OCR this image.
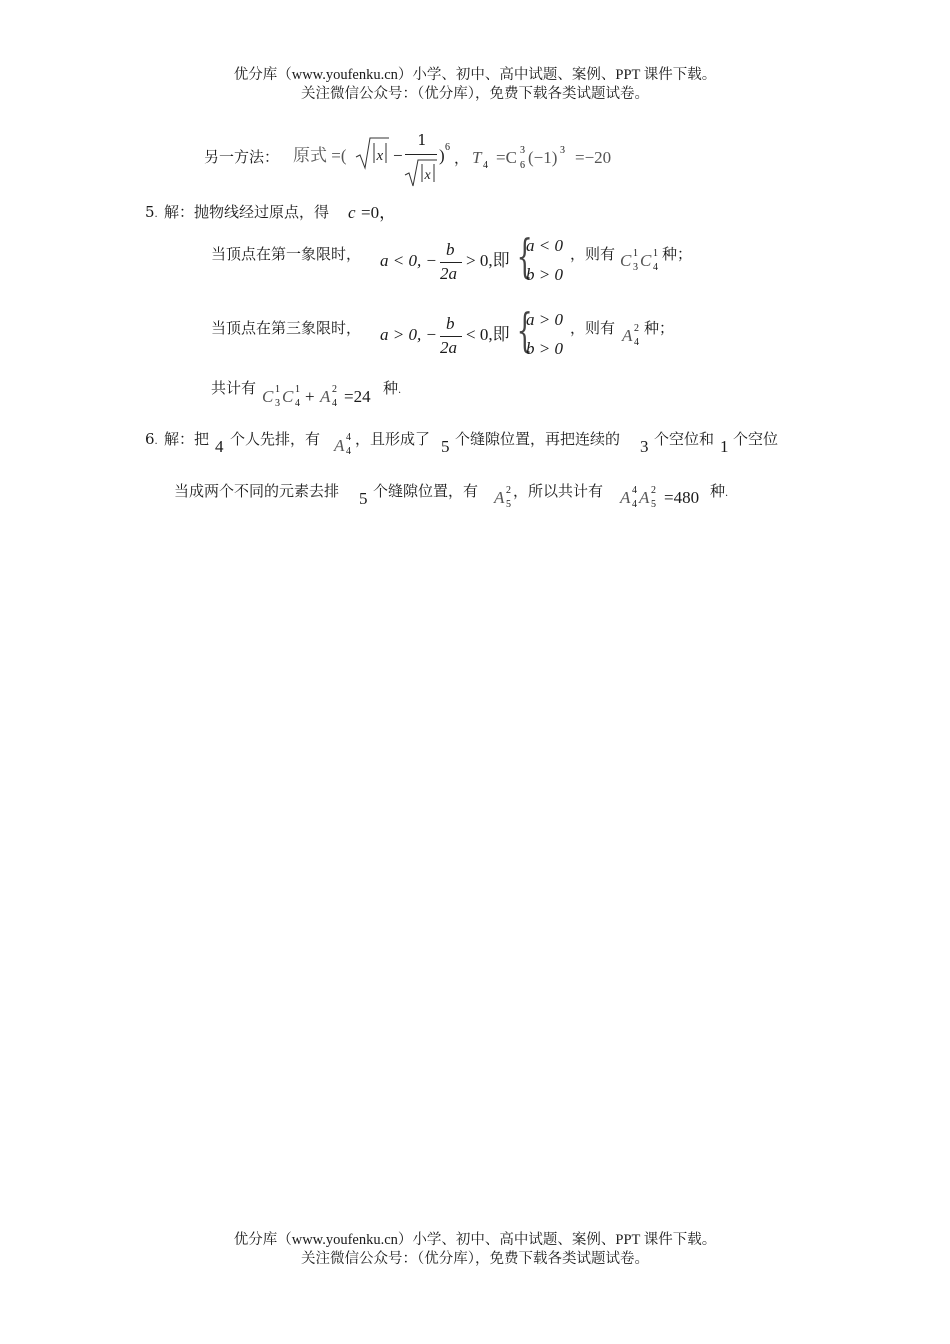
优分库（www.youfenku.cn）小学、初中、高中试题、案例、PPT 课件下载。
关注微信公众号：（优分库），免费下载各类试题试卷。
另一方法： 原式 =( x −
1
x
) 6
， T 4 =C 3
6 (−1) 3 =−20
5. 解：抛物线经过原点，得 c =0，
当顶点在第一象限时， a < 0, −
b
2a
> 0,即 {
a < 0
b > 0
，则有 C 1
3 C 1
4
种；
当顶点在第三象限时， a > 0, −
b
2a
< 0,即 {
a > 0
b > 0
，则有 A 2
4
种；
共计有 C 1
3 C 1
4 + A 2
4 =24 种.
6. 解：把 4 个人先排，有 A 4
4
，且形成了 5 个缝隙位置，再把连续的 3 个空位和 1 个空位
当成两个不同的元素去排 5 个缝隙位置，有 A 2
5
，所以共计有 A 4
4 A 2
5 =480 种.
优分库（www.youfenku.cn）小学、初中、高中试题、案例、PPT 课件下载。
关注微信公众号：（优分库），免费下载各类试题试卷。
